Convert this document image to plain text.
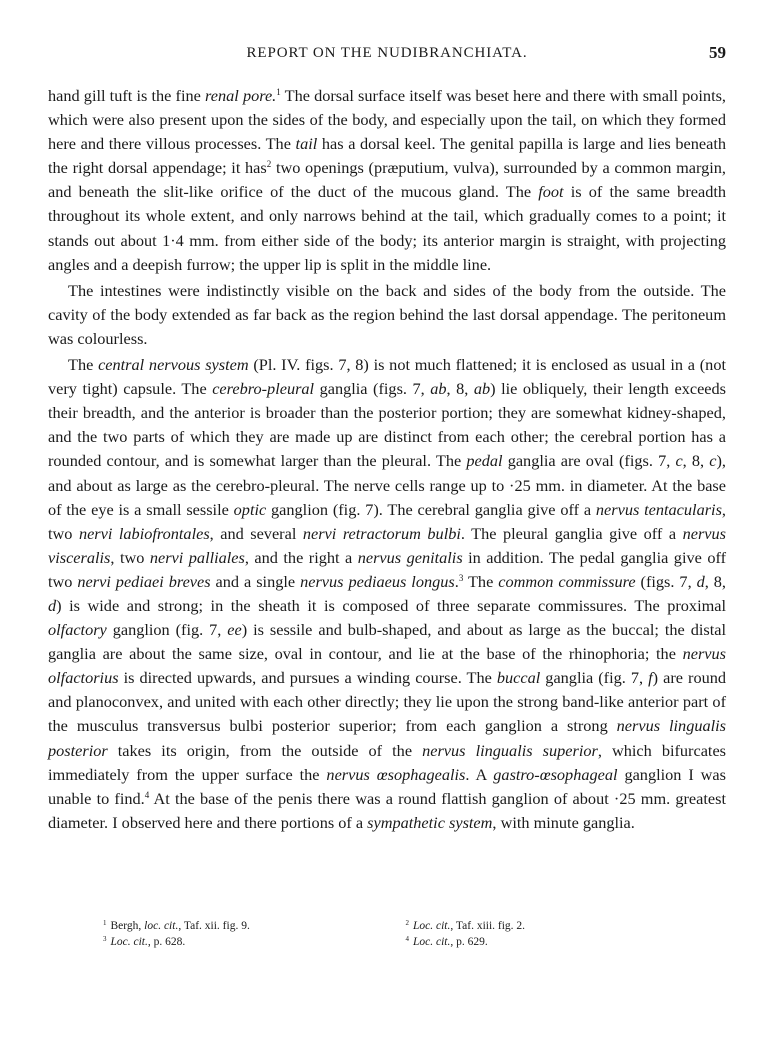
REPORT ON THE NUDIBRANCHIATA.	59

hand gill tuft is the fine renal pore.$^1$ The dorsal surface itself was beset here and there with small points, which were also present upon the sides of the body, and especially upon the tail, on which they formed here and there villous processes. The tail has a dorsal keel. The genital papilla is large and lies beneath the right dorsal appendage; it has$^2$ two openings (præputium, vulva), surrounded by a common margin, and beneath the slit-like orifice of the duct of the mucous gland. The foot is of the same breadth throughout its whole extent, and only narrows behind at the tail, which gradually comes to a point; it stands out about 1·4 mm. from either side of the body; its anterior margin is straight, with projecting angles and a deepish furrow; the upper lip is split in the middle line.

The intestines were indistinctly visible on the back and sides of the body from the outside. The cavity of the body extended as far back as the region behind the last dorsal appendage. The peritoneum was colourless.

The central nervous system (Pl. IV. figs. 7, 8) is not much flattened; it is enclosed as usual in a (not very tight) capsule. The cerebro-pleural ganglia (figs. 7, ab, 8, ab) lie obliquely, their length exceeds their breadth, and the anterior is broader than the posterior portion; they are somewhat kidney-shaped, and the two parts of which they are made up are distinct from each other; the cerebral portion has a rounded contour, and is somewhat larger than the pleural. The pedal ganglia are oval (figs. 7, c, 8, c), and about as large as the cerebro-pleural. The nerve cells range up to ·25 mm. in diameter. At the base of the eye is a small sessile optic ganglion (fig. 7). The cerebral ganglia give off a nervus tentacularis, two nervi labiofrontales, and several nervi retractorum bulbi. The pleural ganglia give off a nervus visceralis, two nervi palliales, and the right a nervus genitalis in addition. The pedal ganglia give off two nervi pediaei breves and a single nervus pediaeus longus.$^3$ The common commissure (figs. 7, d, 8, d) is wide and strong; in the sheath it is composed of three separate commissures. The proximal olfactory ganglion (fig. 7, ee) is sessile and bulb-shaped, and about as large as the buccal; the distal ganglia are about the same size, oval in contour, and lie at the base of the rhinophoria; the nervus olfactorius is directed upwards, and pursues a winding course. The buccal ganglia (fig. 7, f) are round and planoconvex, and united with each other directly; they lie upon the strong band-like anterior part of the musculus transversus bulbi posterior superior; from each ganglion a strong nervus lingualis posterior takes its origin, from the outside of the nervus lingualis superior, which bifurcates immediately from the upper surface the nervus œsophagealis. A gastro-œsophageal ganglion I was unable to find.$^4$ At the base of the penis there was a round flattish ganglion of about ·25 mm. greatest diameter. I observed here and there portions of a sympathetic system, with minute ganglia.

$^1$ Bergh, loc. cit., Taf. xii. fig. 9.	$^2$ Loc. cit., Taf. xiii. fig. 2.
$^3$ Loc. cit., p. 628.	$^4$ Loc. cit., p. 629.
